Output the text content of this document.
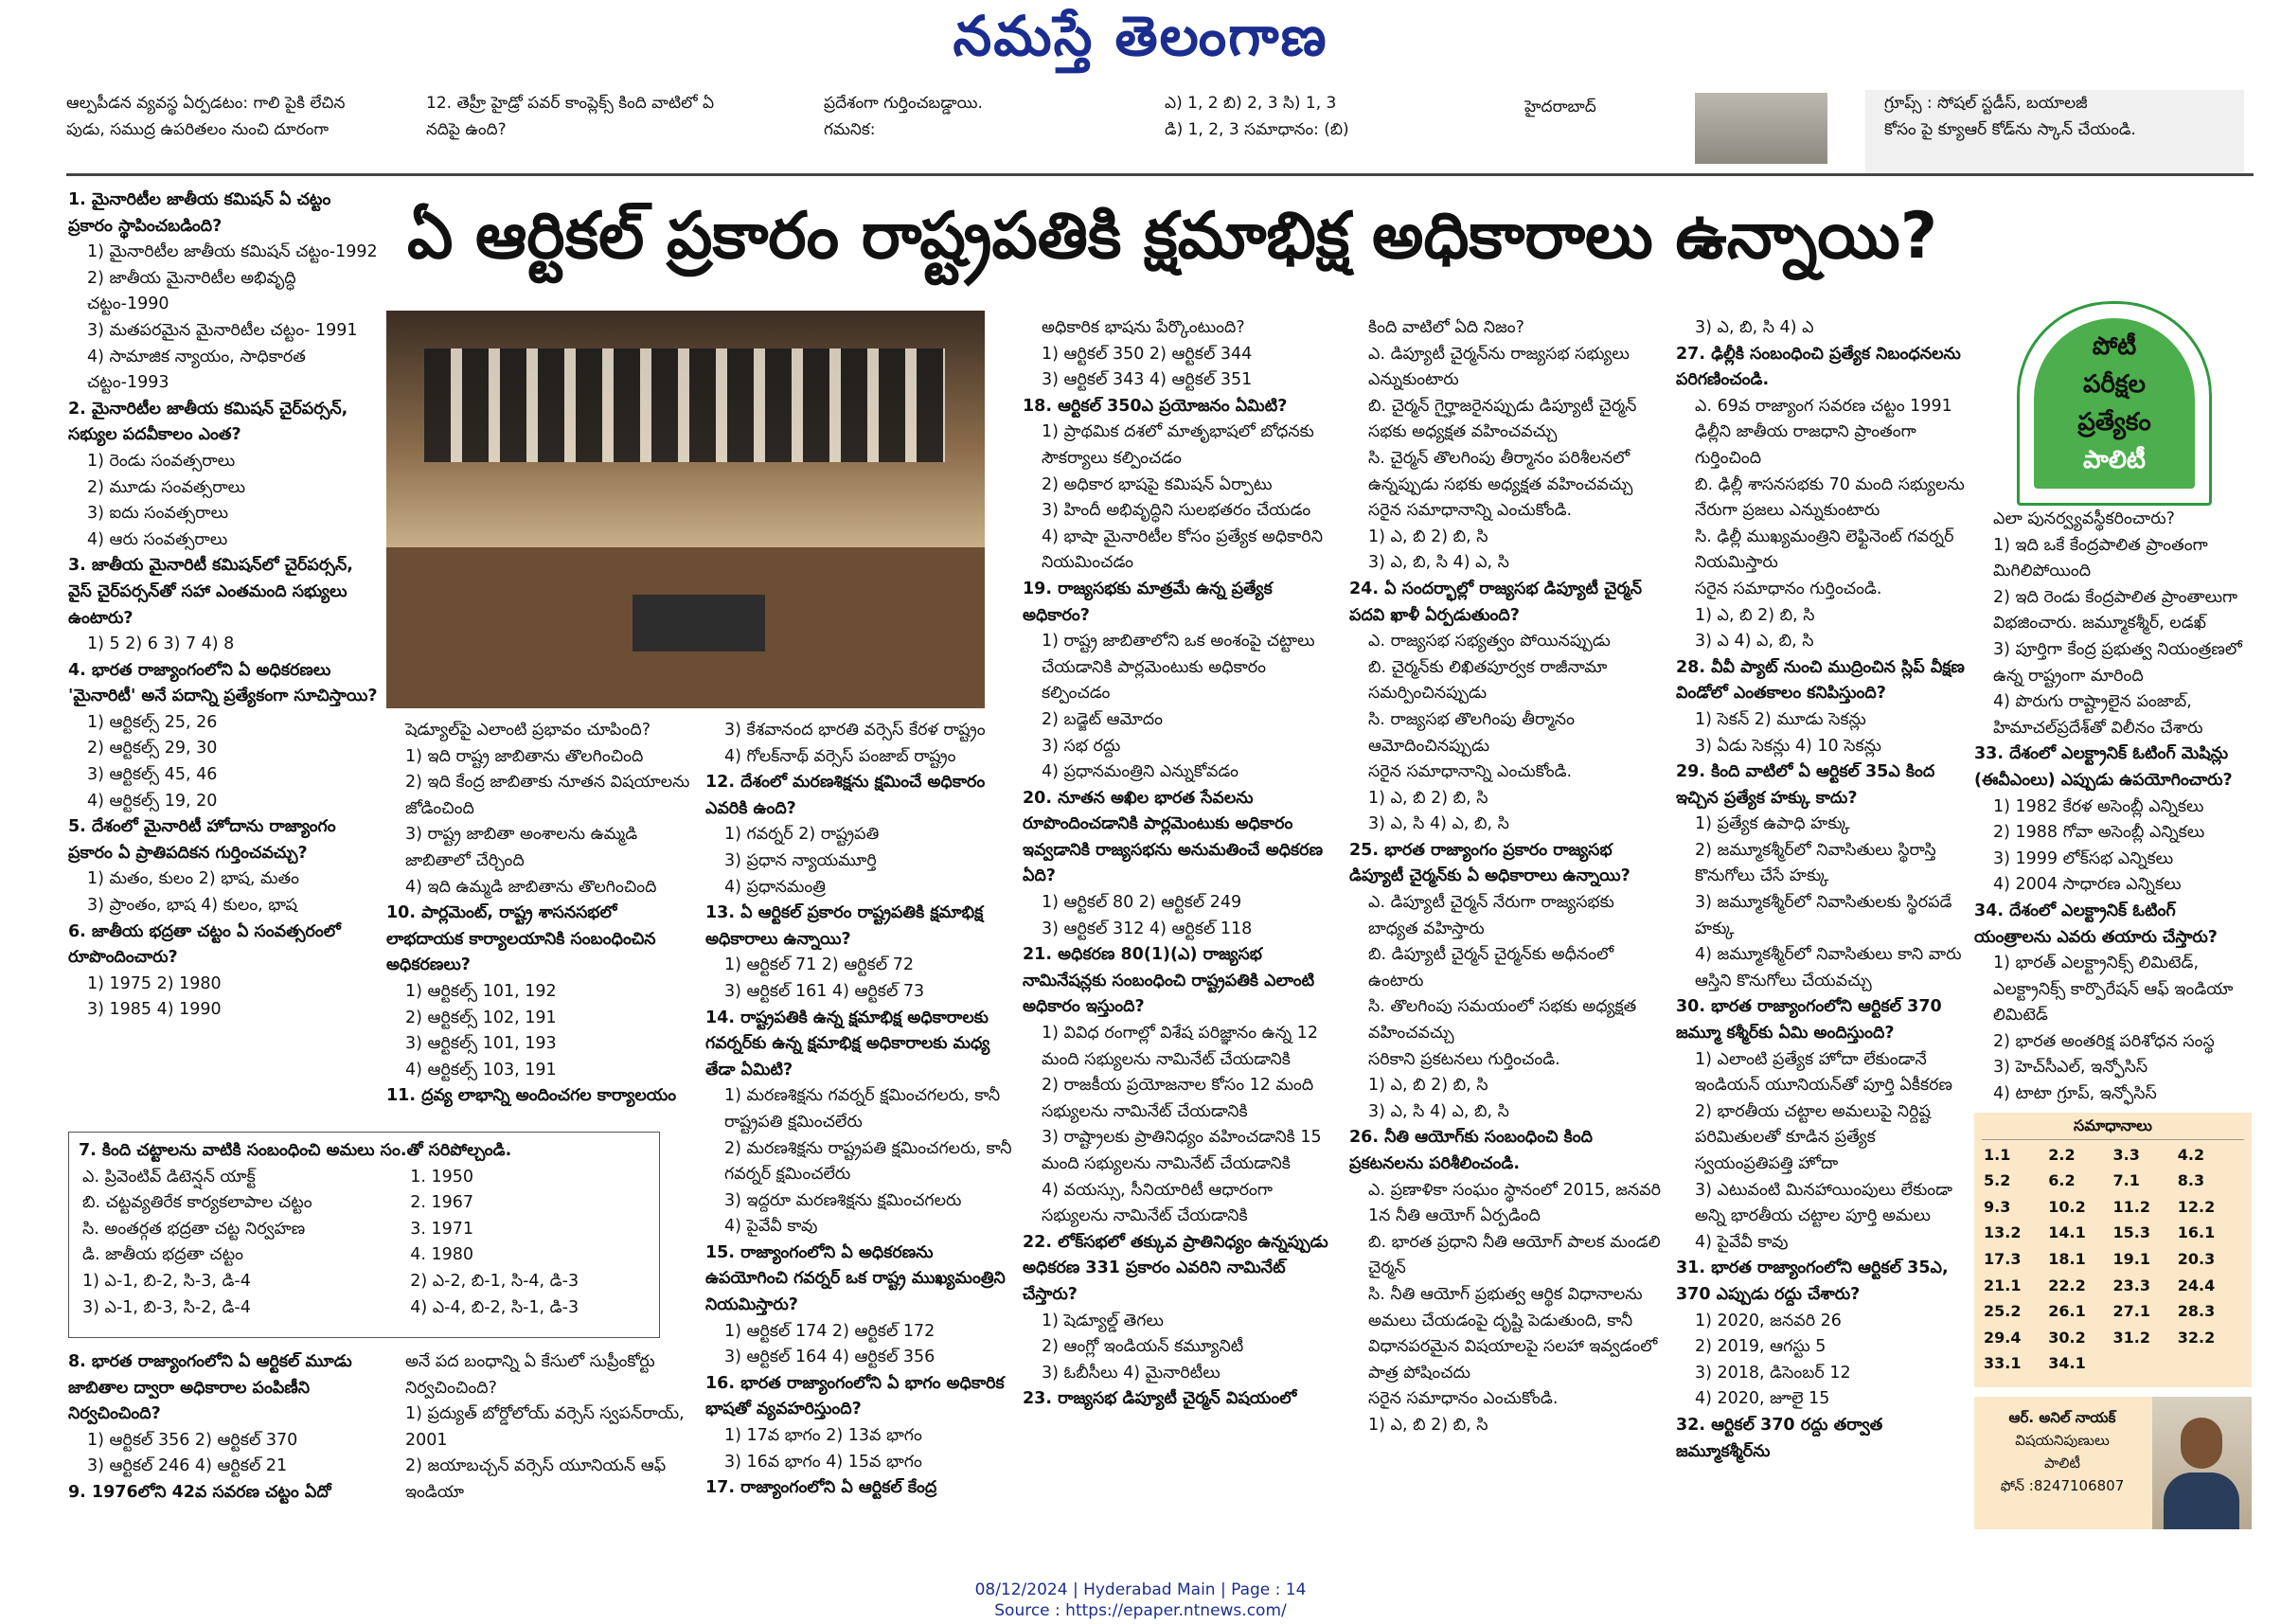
నమస్తే తెలంగాణ
ఆల్పపీడన వ్యవస్థ ఏర్పడటం: గాలి పైకి లేచిన
పుడు, సముద్ర ఉపరితలం నుంచి దూరంగా
12. తెహ్రీ హైడ్రో పవర్ కాంప్లెక్స్ కింది వాటిలో ఏ
నదిపై ఉంది?
ప్రదేశంగా గుర్తించబడ్డాయి.
గమనిక:
ఎ) 1, 2 బి) 2, 3 సి) 1, 3
డి) 1, 2, 3 సమాధానం: (బి)
హైదరాబాద్	గ్రూప్స్ : సోషల్ స్టడీస్, బయాలజీ
కోసం పై క్యూఆర్ కోడ్‌ను స్కాన్ చేయండి.
ఏ ఆర్టికల్ ప్రకారం రాష్ట్రపతికి క్షమాభిక్ష అధికారాలు ఉన్నాయి?
పోటీ
పరీక్షల
ప్రత్యేకం
పాలిటీ

1. మైనారిటీల జాతీయ కమిషన్ ఏ చట్టం ప్రకారం స్థాపించబడింది?

1) మైనారిటీల జాతీయ కమిషన్ చట్టం-1992

2) జాతీయ మైనారిటీల అభివృద్ధి చట్టం-1990

3) మతపరమైన మైనారిటీల చట్టం- 1991

4) సామాజిక న్యాయం, సాధికారత చట్టం-1993

2. మైనారిటీల జాతీయ కమిషన్ చైర్‌పర్సన్, సభ్యుల పదవీకాలం ఎంత?

1) రెండు సంవత్సరాలు

2) మూడు సంవత్సరాలు

3) ఐదు సంవత్సరాలు

4) ఆరు సంవత్సరాలు

3. జాతీయ మైనారిటీ కమిషన్‌లో చైర్‌పర్సన్, వైస్ చైర్‌పర్సన్‌తో సహా ఎంతమంది సభ్యులు ఉంటారు?

1) 5 2) 6 3) 7 4) 8

4. భారత రాజ్యాంగంలోని ఏ అధికరణలు 'మైనారిటీ' అనే పదాన్ని ప్రత్యేకంగా సూచిస్తాయి?

1) ఆర్టికల్స్ 25, 26

2) ఆర్టికల్స్ 29, 30

3) ఆర్టికల్స్ 45, 46

4) ఆర్టికల్స్ 19, 20

5. దేశంలో మైనారిటీ హోదాను రాజ్యాంగం ప్రకారం ఏ ప్రాతిపదికన గుర్తించవచ్చు?

1) మతం, కులం 2) భాష, మతం

3) ప్రాంతం, భాష 4) కులం, భాష

6. జాతీయ భద్రతా చట్టం ఏ సంవత్సరంలో రూపొందించారు?

1) 1975 2) 1980

3) 1985 4) 1990

7. కింది చట్టాలను వాటికి సంబంధించి అమలు సం.తో సరిపోల్చండి.
ఎ. ప్రివెంటివ్ డిటెన్షన్ యాక్ట్	1. 1950
బి. చట్టవ్యతిరేక కార్యకలాపాల చట్టం	2. 1967
సి. అంతర్గత భద్రతా చట్ట నిర్వహణ	3. 1971
డి. జాతీయ భద్రతా చట్టం	4. 1980
1) ఎ-1, బి-2, సి-3, డి-4	2) ఎ-2, బి-1, సి-4, డి-3
3) ఎ-1, బి-3, సి-2, డి-4	4) ఎ-4, బి-2, సి-1, డి-3

8. భారత రాజ్యాంగంలోని ఏ ఆర్టికల్ మూడు జాబితాల ద్వారా అధికారాల పంపిణీని నిర్వచించింది?

1) ఆర్టికల్ 356 2) ఆర్టికల్ 370

3) ఆర్టికల్ 246 4) ఆర్టికల్ 21

9. 1976లోని 42వ సవరణ చట్టం ఏదో

షెడ్యూల్‌పై ఎలాంటి ప్రభావం చూపింది?

1) ఇది రాష్ట్ర జాబితాను తొలగించింది

2) ఇది కేంద్ర జాబితాకు నూతన విషయాలను జోడించింది

3) రాష్ట్ర జాబితా అంశాలను ఉమ్మడి జాబితాలో చేర్చింది

4) ఇది ఉమ్మడి జాబితాను తొలగించింది

10. పార్లమెంట్, రాష్ట్ర శాసనసభలో లాభదాయక కార్యాలయానికి సంబంధించిన అధికరణలు?

1) ఆర్టికల్స్ 101, 192

2) ఆర్టికల్స్ 102, 191

3) ఆర్టికల్స్ 101, 193

4) ఆర్టికల్స్ 103, 191

11. ద్రవ్య లాభాన్ని అందించగల కార్యాలయం

అనే పద బంధాన్ని ఏ కేసులో సుప్రీంకోర్టు నిర్వచించింది?

1) ప్రద్యుత్ బోర్డోలోయ్ వర్సెస్ స్వపన్‌రాయ్, 2001

2) జయాబచ్చన్ వర్సెస్ యూనియన్ ఆఫ్ ఇండియా

3) కేశవానంద భారతి వర్సెస్ కేరళ రాష్ట్రం

4) గోలక్‌నాథ్ వర్సెస్ పంజాబ్ రాష్ట్రం

12. దేశంలో మరణశిక్షను క్షమించే అధికారం ఎవరికి ఉంది?

1) గవర్నర్ 2) రాష్ట్రపతి

3) ప్రధాన న్యాయమూర్తి

4) ప్రధానమంత్రి

13. ఏ ఆర్టికల్ ప్రకారం రాష్ట్రపతికి క్షమాభిక్ష అధికారాలు ఉన్నాయి?

1) ఆర్టికల్ 71 2) ఆర్టికల్ 72

3) ఆర్టికల్ 161 4) ఆర్టికల్ 73

14. రాష్ట్రపతికి ఉన్న క్షమాభిక్ష అధికారాలకు గవర్నర్‌కు ఉన్న క్షమాభిక్ష అధికారాలకు మధ్య తేడా ఏమిటి?

1) మరణశిక్షను గవర్నర్ క్షమించగలరు, కానీ రాష్ట్రపతి క్షమించలేరు

2) మరణశిక్షను రాష్ట్రపతి క్షమించగలరు, కానీ గవర్నర్ క్షమించలేరు

3) ఇద్దరూ మరణశిక్షను క్షమించగలరు

4) పైవేవీ కావు

15. రాజ్యాంగంలోని ఏ అధికరణను ఉపయోగించి గవర్నర్ ఒక రాష్ట్ర ముఖ్యమంత్రిని నియమిస్తారు?

1) ఆర్టికల్ 174 2) ఆర్టికల్ 172

3) ఆర్టికల్ 164 4) ఆర్టికల్ 356

16. భారత రాజ్యాంగంలోని ఏ భాగం అధికారిక భాషతో వ్యవహరిస్తుంది?

1) 17వ భాగం 2) 13వ భాగం

3) 16వ భాగం 4) 15వ భాగం

17. రాజ్యాంగంలోని ఏ ఆర్టికల్ కేంద్ర

అధికారిక భాషను పేర్కొంటుంది?

1) ఆర్టికల్ 350 2) ఆర్టికల్ 344

3) ఆర్టికల్ 343 4) ఆర్టికల్ 351

18. ఆర్టికల్ 350ఎ ప్రయోజనం ఏమిటి?

1) ప్రాథమిక దశలో మాతృభాషలో బోధనకు సౌకర్యాలు కల్పించడం

2) అధికార భాషపై కమిషన్ ఏర్పాటు

3) హిందీ అభివృద్ధిని సులభతరం చేయడం

4) భాషా మైనారిటీల కోసం ప్రత్యేక అధికారిని నియమించడం

19. రాజ్యసభకు మాత్రమే ఉన్న ప్రత్యేక అధికారం?

1) రాష్ట్ర జాబితాలోని ఒక అంశంపై చట్టాలు చేయడానికి పార్లమెంటుకు అధికారం కల్పించడం

2) బడ్జెట్ ఆమోదం

3) సభ రద్దు

4) ప్రధానమంత్రిని ఎన్నుకోవడం

20. నూతన అఖిల భారత సేవలను రూపొందించడానికి పార్లమెంటుకు అధికారం ఇవ్వడానికి రాజ్యసభను అనుమతించే అధికరణ ఏది?

1) ఆర్టికల్ 80 2) ఆర్టికల్ 249

3) ఆర్టికల్ 312 4) ఆర్టికల్ 118

21. అధికరణ 80(1)(ఎ) రాజ్యసభ నామినేషన్లకు సంబంధించి రాష్ట్రపతికి ఎలాంటి అధికారం ఇస్తుంది?

1) వివిధ రంగాల్లో విశేష పరిజ్ఞానం ఉన్న 12 మంది సభ్యులను నామినేట్ చేయడానికి

2) రాజకీయ ప్రయోజనాల కోసం 12 మంది సభ్యులను నామినేట్ చేయడానికి

3) రాష్ట్రాలకు ప్రాతినిధ్యం వహించడానికి 15 మంది సభ్యులను నామినేట్ చేయడానికి

4) వయస్సు, సీనియారిటీ ఆధారంగా సభ్యులను నామినేట్ చేయడానికి

22. లోక్‌సభలో తక్కువ ప్రాతినిధ్యం ఉన్నప్పుడు అధికరణ 331 ప్రకారం ఎవరిని నామినేట్ చేస్తారు?

1) షెడ్యూల్డ్ తెగలు

2) ఆంగ్లో ఇండియన్ కమ్యూనిటీ

3) ఓబీసీలు 4) మైనారిటీలు

23. రాజ్యసభ డిప్యూటీ చైర్మన్ విషయంలో

కింది వాటిలో ఏది నిజం?

ఎ. డిప్యూటీ చైర్మన్‌ను రాజ్యసభ సభ్యులు ఎన్నుకుంటారు

బి. చైర్మన్ గైర్హాజరైనప్పుడు డిప్యూటీ చైర్మన్ సభకు అధ్యక్షత వహించవచ్చు

సి. చైర్మన్ తొలగింపు తీర్మానం పరిశీలనలో ఉన్నప్పుడు సభకు అధ్యక్షత వహించవచ్చు

సరైన సమాధానాన్ని ఎంచుకోండి.

1) ఎ, బి 2) బి, సి

3) ఎ, బి, సి 4) ఎ, సి

24. ఏ సందర్భాల్లో రాజ్యసభ డిప్యూటీ చైర్మన్ పదవి ఖాళీ ఏర్పడుతుంది?

ఎ. రాజ్యసభ సభ్యత్వం పోయినప్పుడు

బి. చైర్మన్‌కు లిఖితపూర్వక రాజీనామా సమర్పించినప్పుడు

సి. రాజ్యసభ తొలగింపు తీర్మానం ఆమోదించినప్పుడు

సరైన సమాధానాన్ని ఎంచుకోండి.

1) ఎ, బి 2) బి, సి

3) ఎ, సి 4) ఎ, బి, సి

25. భారత రాజ్యాంగం ప్రకారం రాజ్యసభ డిప్యూటీ చైర్మన్‌కు ఏ అధికారాలు ఉన్నాయి?

ఎ. డిప్యూటీ చైర్మన్ నేరుగా రాజ్యసభకు బాధ్యత వహిస్తారు

బి. డిప్యూటీ చైర్మన్ చైర్మన్‌కు అధీనంలో ఉంటారు

సి. తొలగింపు సమయంలో సభకు అధ్యక్షత వహించవచ్చు

సరికాని ప్రకటనలు గుర్తించండి.

1) ఎ, బి 2) బి, సి

3) ఎ, సి 4) ఎ, బి, సి

26. నీతి ఆయోగ్‌కు సంబంధించి కింది ప్రకటనలను పరిశీలించండి.

ఎ. ప్రణాళికా సంఘం స్థానంలో 2015, జనవరి 1న నీతి ఆయోగ్ ఏర్పడింది

బి. భారత ప్రధాని నీతి ఆయోగ్ పాలక మండలి చైర్మన్

సి. నీతి ఆయోగ్ ప్రభుత్వ ఆర్థిక విధానాలను అమలు చేయడంపై దృష్టి పెడుతుంది, కానీ విధానపరమైన విషయాలపై సలహా ఇవ్వడంలో పాత్ర పోషించదు

సరైన సమాధానం ఎంచుకోండి.

1) ఎ, బి 2) బి, సి

3) ఎ, బి, సి 4) ఎ

27. ఢిల్లీకి సంబంధించి ప్రత్యేక నిబంధనలను పరిగణించండి.

ఎ. 69వ రాజ్యాంగ సవరణ చట్టం 1991 ఢిల్లీని జాతీయ రాజధాని ప్రాంతంగా గుర్తించింది

బి. ఢిల్లీ శాసనసభకు 70 మంది సభ్యులను నేరుగా ప్రజలు ఎన్నుకుంటారు

సి. ఢిల్లీ ముఖ్యమంత్రిని లెఫ్టినెంట్ గవర్నర్ నియమిస్తారు

సరైన సమాధానం గుర్తించండి.

1) ఎ, బి 2) బి, సి

3) ఎ 4) ఎ, బి, సి

28. వీవీ ప్యాట్ నుంచి ముద్రించిన స్లిప్ వీక్షణ విండోలో ఎంతకాలం కనిపిస్తుంది?

1) సెకన్ 2) మూడు సెకన్లు

3) ఏడు సెకన్లు 4) 10 సెకన్లు

29. కింది వాటిలో ఏ ఆర్టికల్ 35ఎ కింద ఇచ్చిన ప్రత్యేక హక్కు కాదు?

1) ప్రత్యేక ఉపాధి హక్కు

2) జమ్మూకశ్మీర్‌లో నివాసితులు స్థిరాస్తి కొనుగోలు చేసే హక్కు

3) జమ్మూకశ్మీర్‌లో నివాసితులకు స్థిరపడే హక్కు

4) జమ్మూకశ్మీర్‌లో నివాసితులు కాని వారు ఆస్తిని కొనుగోలు చేయవచ్చు

30. భారత రాజ్యాంగంలోని ఆర్టికల్ 370 జమ్మూ కశ్మీర్‌కు ఏమి అందిస్తుంది?

1) ఎలాంటి ప్రత్యేక హోదా లేకుండానే ఇండియన్ యూనియన్‌తో పూర్తి ఏకీకరణ

2) భారతీయ చట్టాల అమలుపై నిర్దిష్ట పరిమితులతో కూడిన ప్రత్యేక స్వయంప్రతిపత్తి హోదా

3) ఎటువంటి మినహాయింపులు లేకుండా అన్ని భారతీయ చట్టాల పూర్తి అమలు

4) పైవేవీ కావు

31. భారత రాజ్యాంగంలోని ఆర్టికల్ 35ఎ, 370 ఎప్పుడు రద్దు చేశారు?

1) 2020, జనవరి 26

2) 2019, ఆగస్టు 5

3) 2018, డిసెంబర్ 12

4) 2020, జూలై 15

32. ఆర్టికల్ 370 రద్దు తర్వాత జమ్మూకశ్మీర్‌ను

ఎలా పునర్వ్యవస్థీకరించారు?

1) ఇది ఒకే కేంద్రపాలిత ప్రాంతంగా మిగిలిపోయింది

2) ఇది రెండు కేంద్రపాలిత ప్రాంతాలుగా విభజించారు. జమ్మూకశ్మీర్, లడఖ్

3) పూర్తిగా కేంద్ర ప్రభుత్వ నియంత్రణలో ఉన్న రాష్ట్రంగా మారింది

4) పొరుగు రాష్ట్రాలైన పంజాబ్, హిమాచల్‌ప్రదేశ్‌తో విలీనం చేశారు

33. దేశంలో ఎలక్ట్రానిక్ ఓటింగ్ మెషిన్లు (ఈవీఎంలు) ఎప్పుడు ఉపయోగించారు?

1) 1982 కేరళ అసెంబ్లీ ఎన్నికలు

2) 1988 గోవా అసెంబ్లీ ఎన్నికలు

3) 1999 లోక్‌సభ ఎన్నికలు

4) 2004 సాధారణ ఎన్నికలు

34. దేశంలో ఎలక్ట్రానిక్ ఓటింగ్ యంత్రాలను ఎవరు తయారు చేస్తారు?

1) భారత్ ఎలక్ట్రానిక్స్ లిమిటెడ్, ఎలక్ట్రానిక్స్ కార్పొరేషన్ ఆఫ్ ఇండియా లిమిటెడ్

2) భారత అంతరిక్ష పరిశోధన సంస్థ

3) హెచ్‌సీఎల్, ఇన్ఫోసిస్

4) టాటా గ్రూప్, ఇన్ఫోసిస్

సమాధానాలు
1.1	2.2	3.3	4.2
5.2	6.2	7.1	8.3
9.3	10.2	11.2	12.2
13.2	14.1	15.3	16.1
17.3	18.1	19.1	20.3
21.1	22.2	23.3	24.4
25.2	26.1	27.1	28.3
29.4	30.2	31.2	32.2
33.1	34.1
ఆర్. అనిల్ నాయక్
విషయనిపుణులు
పాలిటీ
ఫోన్ :8247106807
08/12/2024 | Hyderabad Main | Page : 14
Source : https://epaper.ntnews.com/
